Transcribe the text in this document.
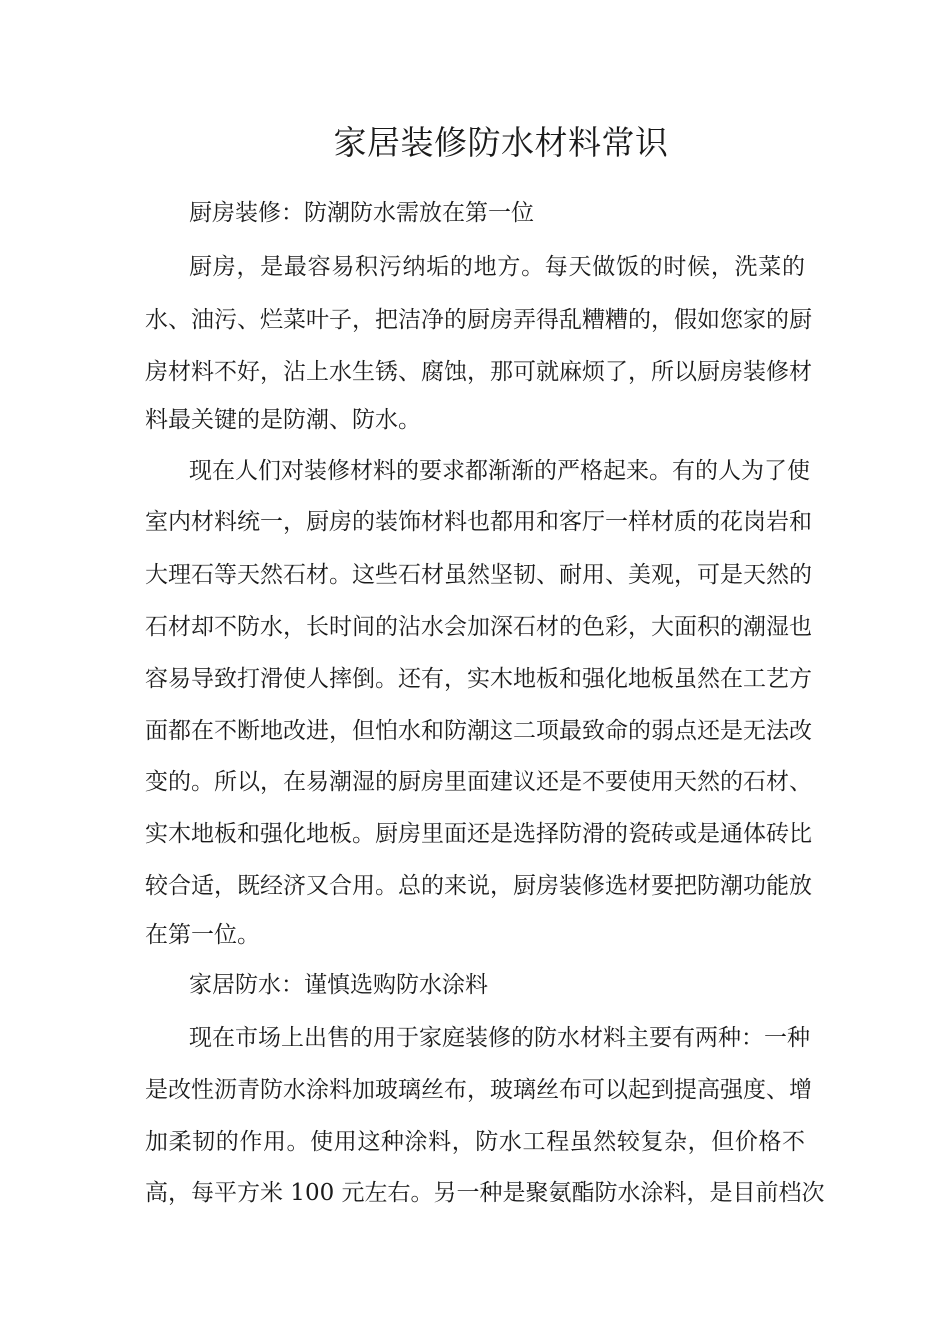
家居装修防水材料常识

厨房装修：防潮防水需放在第一位

厨房，是最容易积污纳垢的地方。每天做饭的时候，洗菜的

水、油污、烂菜叶子，把洁净的厨房弄得乱糟糟的，假如您家的厨

房材料不好，沾上水生锈、腐蚀，那可就麻烦了，所以厨房装修材

料最关键的是防潮、防水。

现在人们对装修材料的要求都渐渐的严格起来。有的人为了使

室内材料统一，厨房的装饰材料也都用和客厅一样材质的花岗岩和

大理石等天然石材。这些石材虽然坚韧、耐用、美观，可是天然的

石材却不防水，长时间的沾水会加深石材的色彩，大面积的潮湿也

容易导致打滑使人摔倒。还有，实木地板和强化地板虽然在工艺方

面都在不断地改进，但怕水和防潮这二项最致命的弱点还是无法改

变的。所以，在易潮湿的厨房里面建议还是不要使用天然的石材、

实木地板和强化地板。厨房里面还是选择防滑的瓷砖或是通体砖比

较合适，既经济又合用。总的来说，厨房装修选材要把防潮功能放

在第一位。

家居防水：谨慎选购防水涂料

现在市场上出售的用于家庭装修的防水材料主要有两种：一种

是改性沥青防水涂料加玻璃丝布，玻璃丝布可以起到提高强度、增

加柔韧的作用。使用这种涂料，防水工程虽然较复杂，但价格不

高，每平方米 100 元左右。另一种是聚氨酯防水涂料，是目前档次
